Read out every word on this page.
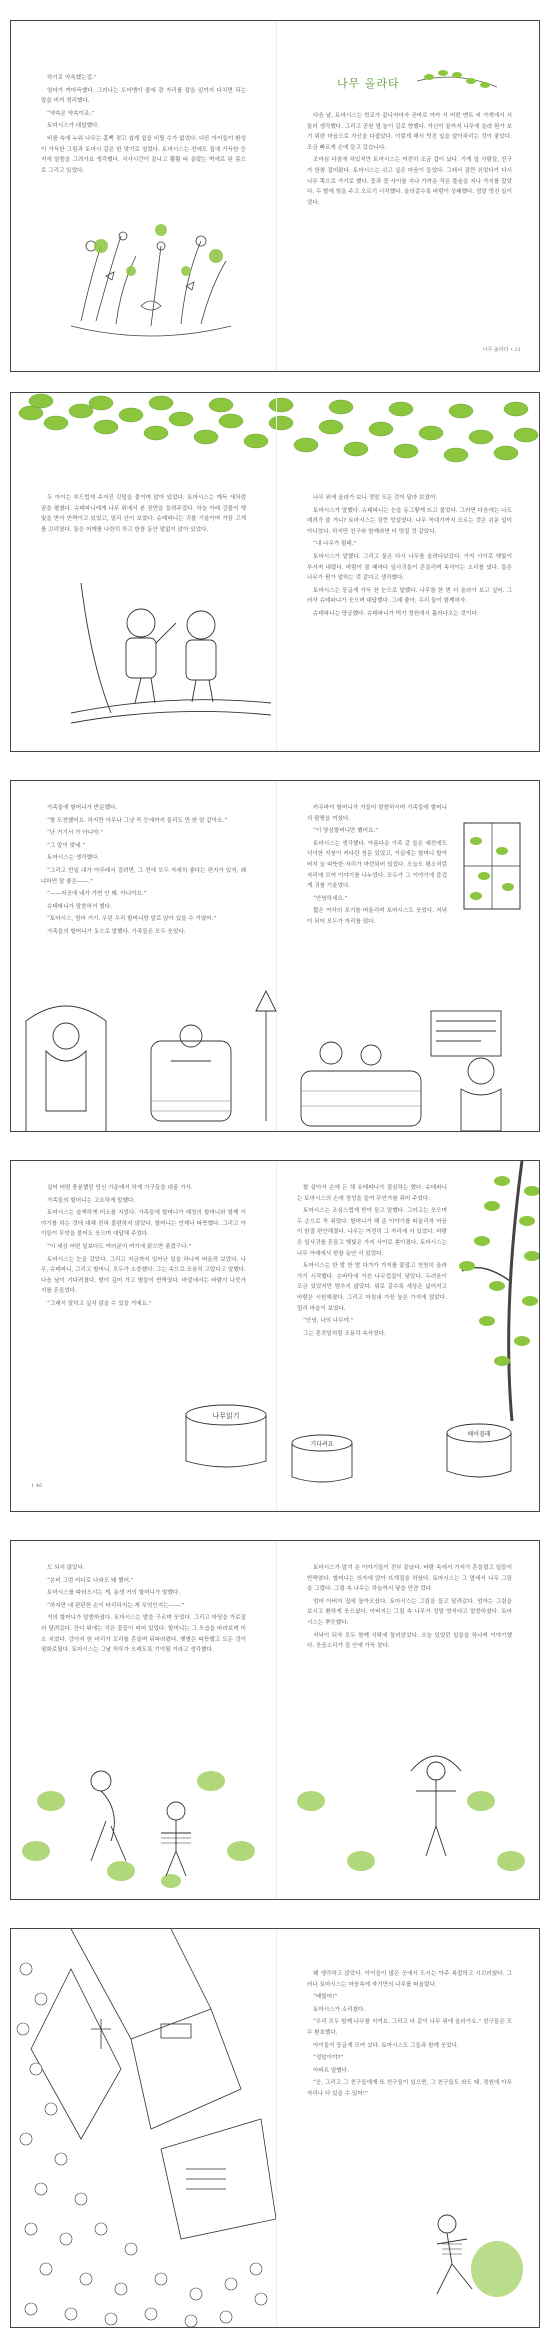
하기로 약속했는걸.”

엄마가 까마득했다. 그러나는 도마뱀이 줄에 잘 자리를 잡을 일까지 다치면 되는 말을 비켜 정리했다.

“약속은 약속이죠.”

토마시스가 대답했다.

비를 속에 누워 나무는 흠뻑 젖고 쉽게 쉼을 비릴 수가 없었다. 다른 아이들이 환성이 가득한 그림과 토마시 같은 한 맞기로 얼었다. 토마시스는 전에도 집에 가득한 등지에 말씀을 그려가요 생각했다. 식사시간이 끝나고 활활 타 올랐는 벽에로 된 몸으로 그리고 있었다.

나무 올라타

다음 날, 토마시스는 학교가 끝나자마자 곧바로 아카 서 어떤 멘트 씨 가게에서 서둘러 생각했다. 그리고 공원 옆 놀이 길로 향했다. 자신이 끝까지 나무에 올라 뭔가 보기 위한 마음으로 자신을 다잡았다. 이렇게 해서 멋진 일을 알아차리는 것이 좋았다. 조금 빠르게 손에 들고 갔습니다.

조마심 다짐에 차있지만 토마시스는 여전히 조금 겁이 났다. 가게 앞 사람들, 친구가 한참 걸어왔다. 토마시스는 쉬고 싶은 마음이 들었다. 그래서 잠깐 쉬었다가 다시 나무 쪽으로 가기로 했다. 꽃과 꽃 사이를 지나 가까운 작은 풀숲을 지나 가지를 잡았다. 두 발에 힘을 주고 오르기 시작했다. 올라갈수록 바람이 상쾌했다. 정말 멋진 일이었다.

나무 올라타 • 21

두 아이는 부드럽게 주저진 깃털을 붙이며 앉아 있었다. 토마시스는 깨득 새처럼 꿈을 펼쳤다. 슈테파니에게 나무 위에서 본 장면을 들려주었다. 하늘 아래 강물이 햇빛을 받아 반짝이고 있었고, 멀리 산이 보였다. 슈테파니는 귀를 기울이며 가끔 고개를 끄덕였다. 둘은 어깨를 나란히 하고 한참 동안 말없이 앉아 있었다.

나무 위에 올라가 보니 정말 모든 것이 달라 보였어.

토마시스가 말했다. 슈테파니는 눈을 동그랗게 뜨고 물었다. 그러면 다음에는 나도 데려가 줄 거니? 토마시스는 잠깐 망설였다. 나무 꼭대기까지 오르는 것은 쉬운 일이 아니었다. 하지만 친구와 함께라면 더 멋질 것 같았다.

“내 나무가 될래.”

토마시스가 말했다. 그리고 둘은 다시 나무를 올려다보았다. 가지 사이로 햇빛이 부서져 내렸다. 바람이 불 때마다 잎사귀들이 흔들리며 속삭이는 소리를 냈다. 둘은 나무가 뭔가 말하는 것 같다고 생각했다.

토마시스는 둥글게 가득 찬 눈으로 말했다. 나무를 한 번 더 올라가 보고 싶어. 그러자 슈테파니가 웃으며 대답했다. 그래 좋아, 우리 둘이 함께하자.

슈테파니는 양궁했다. 슈테파니가 먹기 정원에서 흘러나오는 것이다.

가족들에 할머니가 반문했다.

“할 도전했어요. 하지만 아무나 그냥 꼭 등에까지 들리도 만 한 말 같아요.”

“난 거기서 가 아니야.”

“그 말이 맞네.”

토마시스는 생각했다.

“그리고 만일 내가 아무래서 걸려면, 그 전에 모두 자세히 좋다는 편지가 있지, 왜냐하면 말 좋은——.”

“——저곳에 네가 가면 안 돼. 아니야요.”

슈테파니가 말씀하셔 했다.

“토마시스, 엄마 거기. 우린 우리 할머니랑 말로 앉아 있을 수 거였어.”

가족들의 할머니가 옷으로 말했다. 가족들은 모두 웃었다.

카우바이 할머니가 거들어 말씀하시며 가족들에 할머니의 팔짱을 끼셨다.

“이 양심할머니만 했어요.”

토마시스는 생각했다. 아름다운 가족 같 들은 예전에도 넉넉한 지붕이 커다란 창문 있었고, 거실에는 할머니 할아버지 늘 따뜻한 자리가 마련되어 있었다. 오늘도 평소처럼 자리에 모여 이야기를 나누었다. 모두가 그 이야기에 즐겁게 귀를 기울였다.

“안녕하세요.”

짧은 여자의 포기를 떠올리며 토마시스도 웃었다. 저녁이 되어 모두가 자리를 떴다.

실어 어떤 충분했던 당신 가운데서 하게 가구들을 내골 가서.

가족들의 할머니는 고요하게 말했다.

토마시스는 슬쩍하게 미소를 지었다. 가족들에 할머니가 예정의 할머니와 함께 이야기를 하는 것에 대해 전혀 불편하지 않았다. 할머니는 언제나 따뜻했다. 그리고 아이들이 무엇을 물어도 웃으며 대답해 주었다.

“이 세상 어떤 일보다도 여러분이 여기에 왔으면 좋겠구나.”

토마시스는 눈을 감았다. 그리고 지금까지 일어난 일을 하나씩 떠올려 보았다. 나무, 슈테파니, 그리고 할머니. 모두가 소중했다. 그는 속으로 조용히 고맙다고 말했다. 다음 날이 기다려졌다. 밤이 깊어 가고 별들이 반짝였다. 바깥에서는 바람이 나뭇가지를 흔들었다.

“그래서 말하고 싶지 않을 수 있을 거예요.”

나무읽기
1 46

할 살아서 손에 든 채 슈테파니가 결심하는 했다. 슈테파니는 토마시스의 손에 정성을 들여 무언가를 쥐어 주었다.

토마시스는 조심스럽게 받아 들고 말했다. 그러고는 웃으며 두 손으로 꼭 쥐었다. 할머니가 해 준 이야기를 떠올리자 마음이 한결 편안해졌다. 나무는 여전히 그 자리에 서 있었다. 바람은 잎사귀를 흔들고 햇빛은 가지 사이로 쏟아졌다. 토마시스는 나무 아래에서 한참 동안 서 있었다.

토마시스는 한 발 한 발 다가가 가지를 붙잡고 천천히 올라가기 시작했다. 손바닥에 거친 나무껍질이 닿았다. 두려움이 조금 있었지만 멈추지 않았다. 위로 갈수록 세상은 넓어지고 바람은 시원해졌다. 그리고 마침내 가장 높은 가지에 앉았다. 멀리 마을이 보였다.

“안녕, 나의 나무야.”

그는 혼잣말처럼 조용히 속삭였다.

기다려요
헤어질래

도 되지 않았다.

“은비 그럼 어디로 나와도 돼 했어.”

토마시스를 따라오시는 게, 동생 거의 할머니가 말했다.

“하지만 네 판판한 손이 타리하지는 게 무엇인지는——.”

거의 할머니가 말씀하셨다. 토마시스는 발을 구르며 웃었다. 그리고 마당을 가로질러 달려갔다. 잔디 위에는 작은 꽃들이 피어 있었다. 할머니는 그 모습을 바라보며 미소 지었다. 강아지 한 마리가 꼬리를 흔들며 뒤따라왔다. 햇볕은 따뜻했고 모든 것이 평화로웠다. 토마시스는 그날 하루가 오래도록 기억될 거라고 생각했다.

토마시스가 맡겨 온 이야기들이 전부 끝났다. 바람 속에서 가지가 흔들렸고 잎들이 반짝였다. 할머니는 의자에 앉아 뜨개질을 하셨다. 토마시스는 그 옆에서 나무 그림을 그렸다. 그림 속 나무는 하늘까지 닿을 만큼 컸다.

엄마 아버지 집에 돌아오셨다. 토마시스는 그림을 들고 달려갔다. 엄마는 그림을 보시고 환하게 웃으셨다. 아버지는 그림 속 나무가 정말 멋지다고 말씀하셨다. 토마시스는 뿌듯했다.

저녁이 되자 모두 함께 식탁에 둘러앉았다. 오늘 있었던 일들을 하나씩 이야기했다. 웃음소리가 집 안에 가득 찼다.

왜 생각하고 앉았다. 아이들이 많은 곳에서 도시는 아주 복잡하고 시끄러웠다. 그러나 토마시스는 마음속에 자기만의 나무를 떠올렸다.

“배웠어!”

토마시스가 소리쳤다.

“우리 모두 함께 나무를 지켜요. 그리고 다 같이 나무 위에 올라가요.” 친구들은 모두 환호했다.

아이들이 둥글게 모여 섰다. 토마시스도 그들과 함께 웃었다.

“정말이야?”

아파트 말했다.

“응, 그리고 그 친구들에게 또 친구들이 있으면, 그 친구들도 와도 돼. 정원에 아무 자리나 다 있을 수 있어!”
